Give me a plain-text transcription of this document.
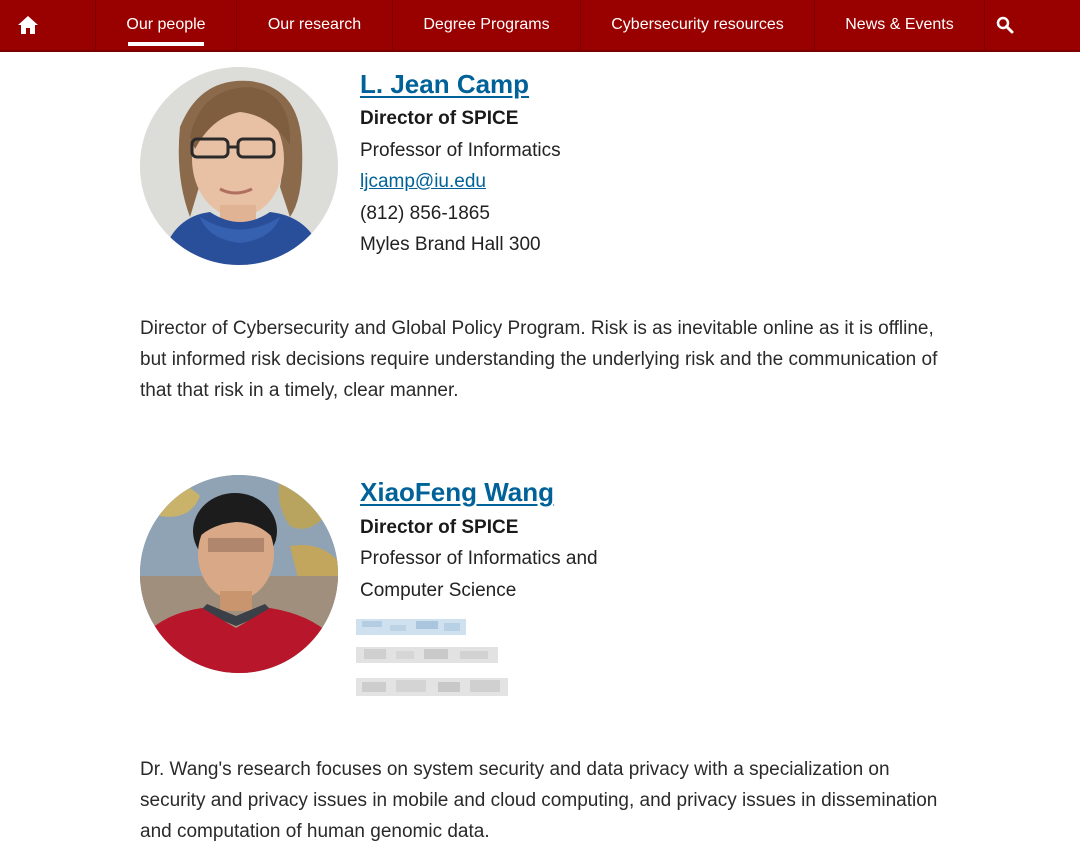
Our people	Our research	Degree Programs	Cybersecurity resources	News & Events
L. Jean Camp
Director of SPICE
Professor of Informatics
ljcamp@iu.edu
(812) 856-1865
Myles Brand Hall 300
Director of Cybersecurity and Global Policy Program. Risk is as inevitable online as it is offline, but informed risk decisions require understanding the underlying risk and the communication of that that risk in a timely, clear manner.
XiaoFeng Wang
Director of SPICE
Professor of Informatics and
Computer Science
Dr. Wang's research focuses on system security and data privacy with a specialization on security and privacy issues in mobile and cloud computing, and privacy issues in dissemination and computation of human genomic data.
